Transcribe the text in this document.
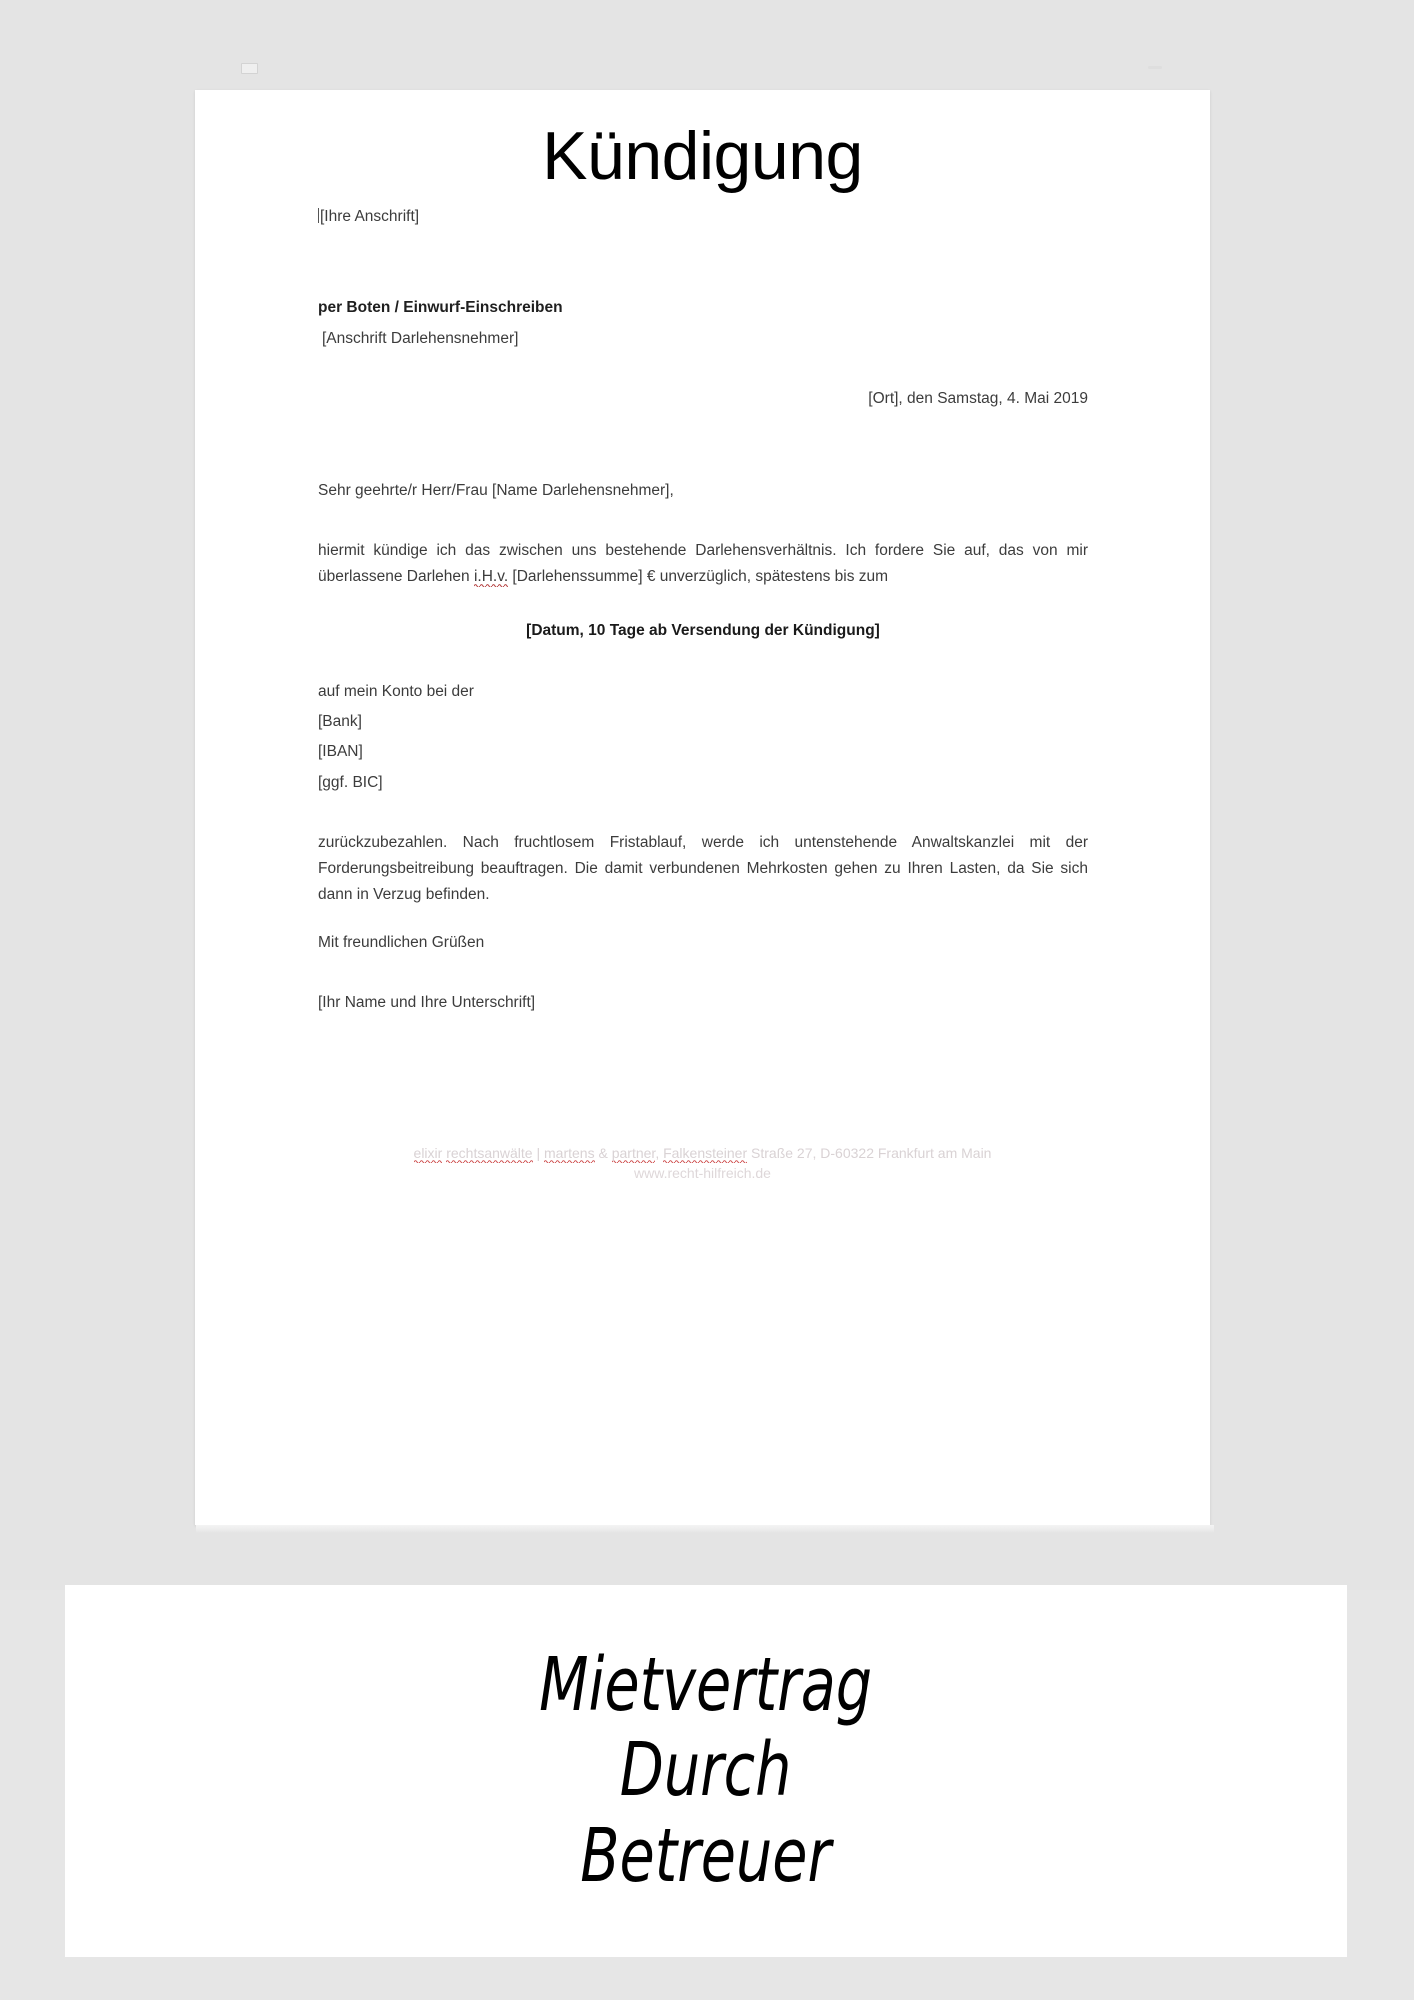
Kündigung
[Ihre Anschrift]
per Boten / Einwurf-Einschreiben
[Anschrift Darlehensnehmer]
[Ort], den Samstag, 4. Mai 2019
Sehr geehrte/r Herr/Frau [Name Darlehensnehmer],
hiermit kündige ich das zwischen uns bestehende Darlehensverhältnis. Ich fordere Sie auf, das von mir überlassene Darlehen i.H.v. [Darlehenssumme] € unverzüglich, spätestens bis zum
[Datum, 10 Tage ab Versendung der Kündigung]
auf mein Konto bei der
[Bank]
[IBAN]
[ggf. BIC]
zurückzubezahlen. Nach fruchtlosem Fristablauf, werde ich untenstehende Anwaltskanzlei mit der Forderungsbeitreibung beauftragen. Die damit verbundenen Mehrkosten gehen zu Ihren Lasten, da Sie sich dann in Verzug befinden.
Mit freundlichen Grüßen
[Ihr Name und Ihre Unterschrift]
elixir rechtsanwälte | martens & partner, Falkensteiner Straße 27, D-60322 Frankfurt am Main
www.recht-hilfreich.de
Mietvertrag
Durch
Betreuer
